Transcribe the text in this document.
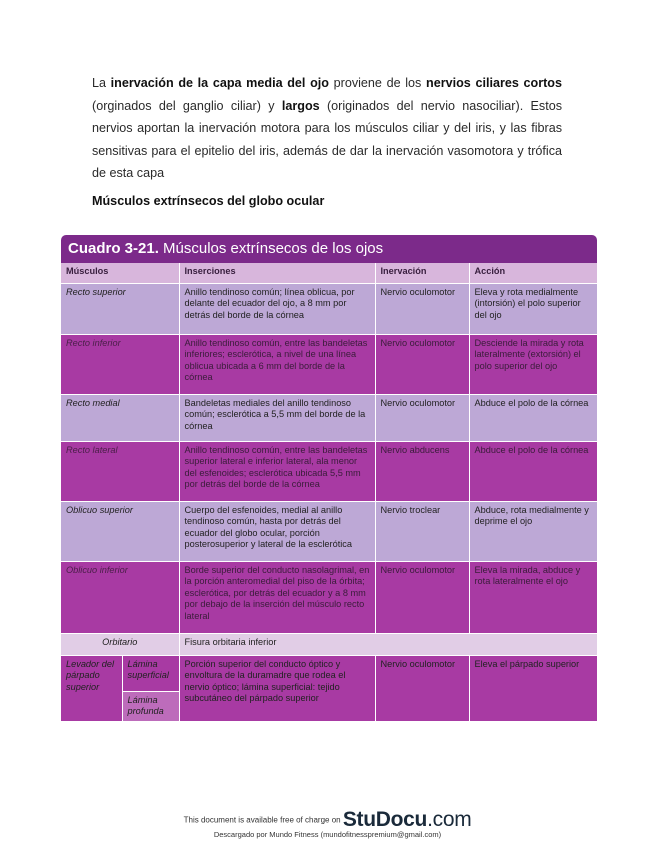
La inervación de la capa media del ojo proviene de los nervios ciliares cortos (orginados del ganglio ciliar) y largos (originados del nervio nasociliar). Estos nervios aportan la inervación motora para los músculos ciliar y del iris, y las fibras sensitivas para el epitelio del iris, además de dar la inervación vasomotora y trófica de esta capa
Músculos extrínsecos del globo ocular
Cuadro 3-21. Músculos extrínsecos de los ojos
Músculos		Inserciones	Inervación	Acción
Recto superior		Anillo tendinoso común; línea oblicua, por delante del ecuador del ojo, a 8 mm por detrás del borde de la córnea	Nervio oculomotor	Eleva y rota medialmente (intorsión) el polo superior del ojo
Recto inferior		Anillo tendinoso común, entre las bandeletas inferiores; esclerótica, a nivel de una línea oblicua ubicada a 6 mm del borde de la córnea	Nervio oculomotor	Desciende la mirada y rota lateralmente (extorsión) el polo superior del ojo
Recto medial		Bandeletas mediales del anillo tendinoso común; esclerótica a 5,5 mm del borde de la córnea	Nervio oculomotor	Abduce el polo de la córnea
Recto lateral		Anillo tendinoso común, entre las bandeletas superior lateral e inferior lateral, ala menor del esfenoides; esclerótica ubicada 5,5 mm por detrás del borde de la córnea	Nervio abducens	Abduce el polo de la córnea
Oblicuo superior		Cuerpo del esfenoides, medial al anillo tendinoso común, hasta por detrás del ecuador del globo ocular, porción posterosuperior y lateral de la esclerótica	Nervio troclear	Abduce, rota medialmente y deprime el ojo
Oblicuo inferior		Borde superior del conducto nasolagrimal, en la porción anteromedial del piso de la órbita; esclerótica, por detrás del ecuador y a 8 mm por debajo de la inserción del músculo recto lateral	Nervio oculomotor	Eleva la mirada, abduce y rota lateralmente el ojo
Orbitario		Fisura orbitaria inferior		
Levador del párpado superior	Lámina superficial	Porción superior del conducto óptico y envoltura de la duramadre que rodea el nervio óptico; lámina superficial: tejido subcutáneo del párpado superior	Nervio oculomotor	Eleva el párpado superior
	Lámina profunda			
This document is available free of charge on StuDocu.com
Descargado por Mundo Fitness (mundofitnesspremium@gmail.com)
